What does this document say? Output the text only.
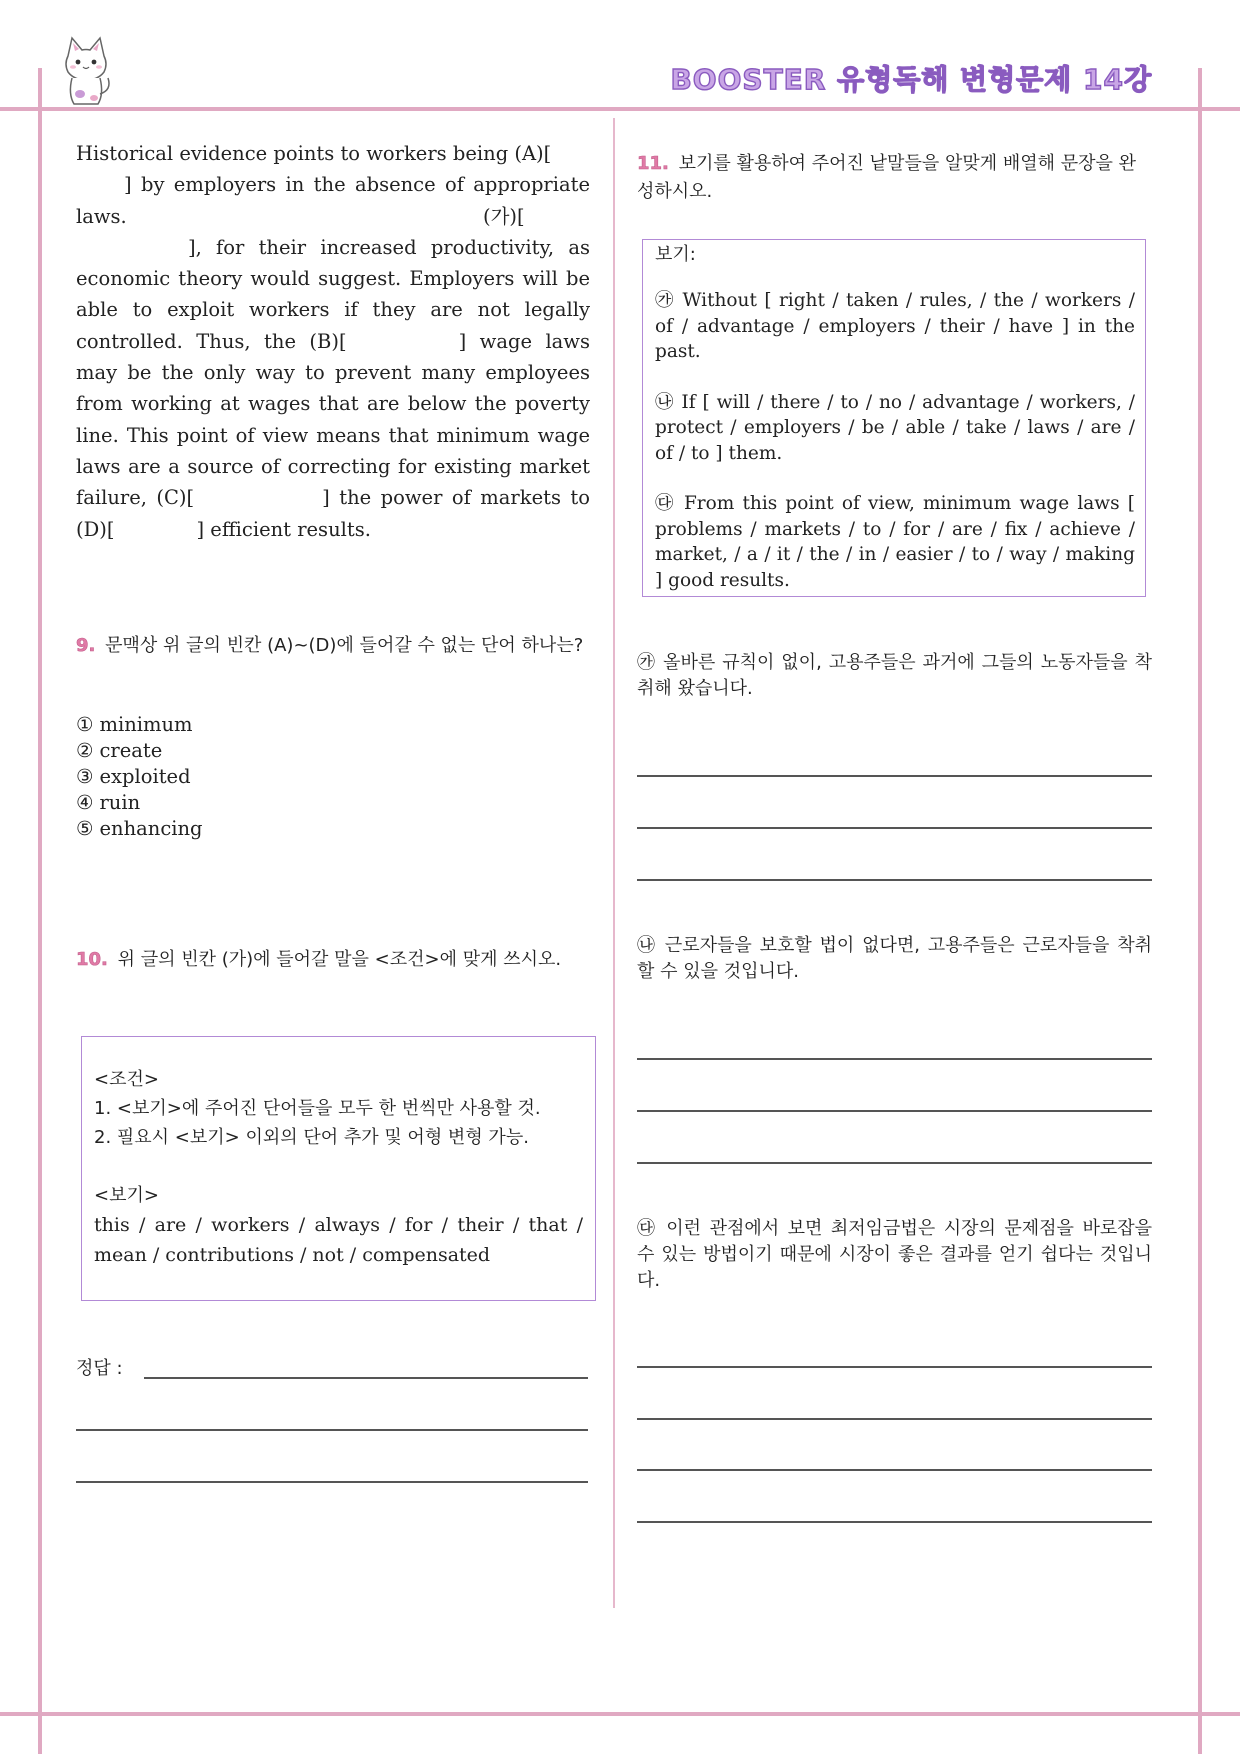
BOOSTER 유형독해 변형문제 14강
Historical evidence points to workers being (A)[
] by employers in the absence of appropriate laws.	(가)[
], for their increased productivity, as economic theory would suggest. Employers will be able to exploit workers if they are not legally controlled. Thus, the (B)[	] wage laws may be the only way to prevent many employees from working at wages that are below the poverty line. This point of view means that minimum wage laws are a source of correcting for existing market failure, (C)[	] the power of markets to (D)[	] efficient results.
9. 문맥상 위 글의 빈칸 (A)~(D)에 들어갈 수 없는 단어 하나는?
① minimum
② create
③ exploited
④ ruin
⑤ enhancing
10. 위 글의 빈칸 (가)에 들어갈 말을 <조건>에 맞게 쓰시오.
<조건>
1. <보기>에 주어진 단어들을 모두 한 번씩만 사용할 것.
2. 필요시 <보기> 이외의 단어 추가 및 어형 변형 가능.
<보기>
this / are / workers / always / for / their / that / mean / contributions / not / compensated
정답 :
11. 보기를 활용하여 주어진 낱말들을 알맞게 배열해 문장을 완성하시오.
보기:
㉮ Without [ right / taken / rules, / the / workers / of / advantage / employers / their / have ] in the past.
㉯ If [ will / there / to / no / advantage / workers, / protect / employers / be / able / take / laws / are / of / to ] them.
㉰ From this point of view, minimum wage laws [ problems / markets / to / for / are / fix / achieve / market, / a / it / the / in / easier / to / way / making ] good results.
㉮ 올바른 규칙이 없이, 고용주들은 과거에 그들의 노동자들을 착취해 왔습니다.
㉯ 근로자들을 보호할 법이 없다면, 고용주들은 근로자들을 착취할 수 있을 것입니다.
㉰ 이런 관점에서 보면 최저임금법은 시장의 문제점을 바로잡을 수 있는 방법이기 때문에 시장이 좋은 결과를 얻기 쉽다는 것입니다.
